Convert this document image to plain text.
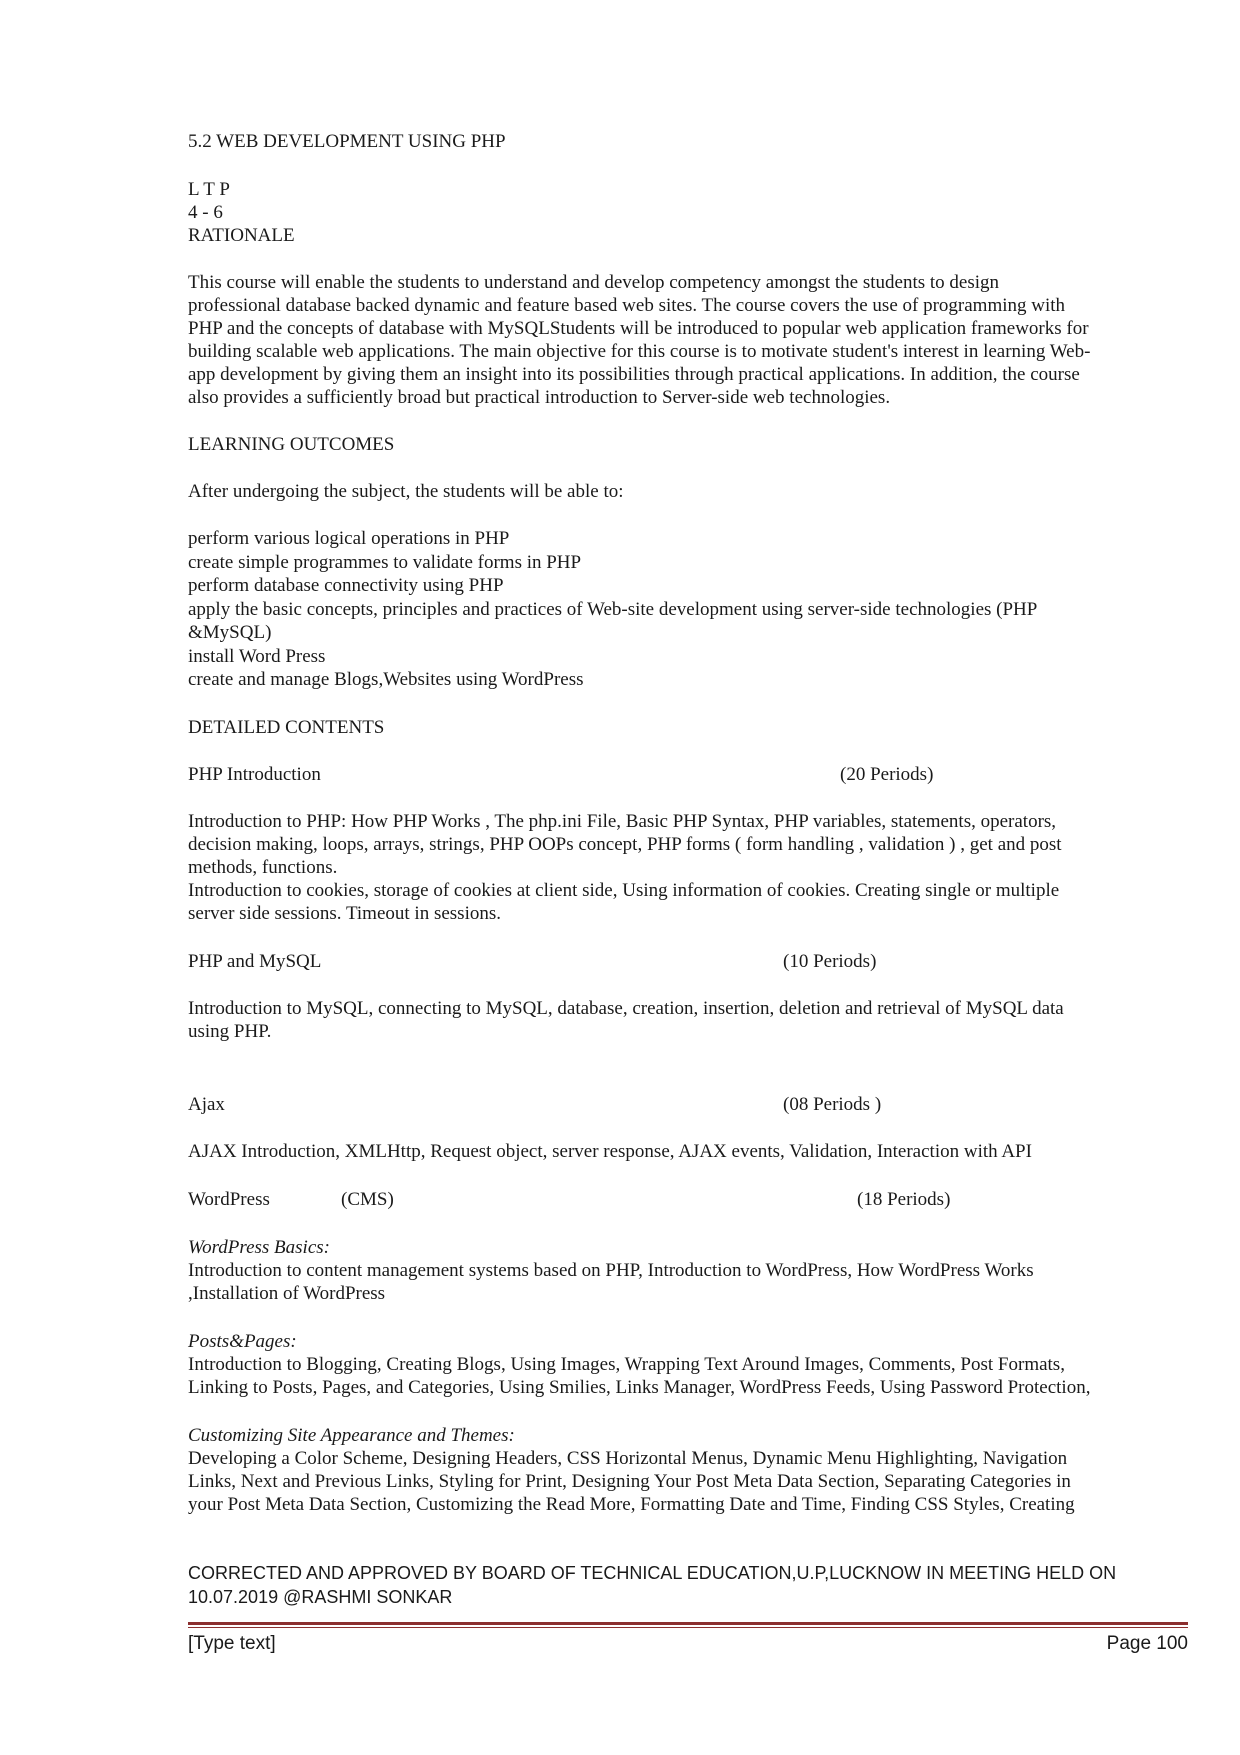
5.2 WEB DEVELOPMENT USING PHP
L T P
4 - 6
RATIONALE
This course will enable the students to understand and develop competency amongst the students to design
professional database backed dynamic and feature based web sites. The course covers the use of programming with
PHP and the concepts of database with MySQLStudents will be introduced to popular web application frameworks for
building scalable web applications. The main objective for this course is to motivate student's interest in learning Web-
app development by giving them an insight into its possibilities through practical applications. In addition, the course
also provides a sufficiently broad but practical introduction to Server-side web technologies.
LEARNING OUTCOMES
After undergoing the subject, the students will be able to:
perform various logical operations in PHP
create simple programmes to validate forms in PHP
perform database connectivity using PHP
apply the basic concepts, principles and practices of Web-site development using server-side technologies (PHP
&MySQL)
install Word Press
create and manage Blogs,Websites using WordPress
DETAILED CONTENTS
PHP Introduction	(20 Periods)
Introduction to PHP: How PHP Works , The php.ini File, Basic PHP Syntax, PHP variables, statements, operators,
decision making, loops, arrays, strings, PHP OOPs concept, PHP forms ( form handling , validation ) , get and post
methods, functions.
Introduction to cookies, storage of cookies at client side, Using information of cookies. Creating single or multiple
server side sessions. Timeout in sessions.
PHP and MySQL	(10 Periods)
Introduction to MySQL, connecting to MySQL, database, creation, insertion, deletion and retrieval of MySQL data
using PHP.
Ajax	(08 Periods )
AJAX Introduction, XMLHttp, Request object, server response, AJAX events, Validation, Interaction with API
WordPress	(CMS)	(18 Periods)
WordPress Basics:
Introduction to content management systems based on PHP, Introduction to WordPress, How WordPress Works
,Installation of WordPress
Posts&Pages:
Introduction to Blogging, Creating Blogs, Using Images, Wrapping Text Around Images, Comments, Post Formats,
Linking to Posts, Pages, and Categories, Using Smilies, Links Manager, WordPress Feeds, Using Password Protection,
Customizing Site Appearance and Themes:
Developing a Color Scheme, Designing Headers, CSS Horizontal Menus, Dynamic Menu Highlighting, Navigation
Links, Next and Previous Links, Styling for Print, Designing Your Post Meta Data Section, Separating Categories in
your Post Meta Data Section, Customizing the Read More, Formatting Date and Time, Finding CSS Styles, Creating
CORRECTED AND APPROVED BY BOARD OF TECHNICAL EDUCATION,U.P,LUCKNOW IN MEETING HELD ON
10.07.2019 @RASHMI SONKAR
[Type text]	Page 100
